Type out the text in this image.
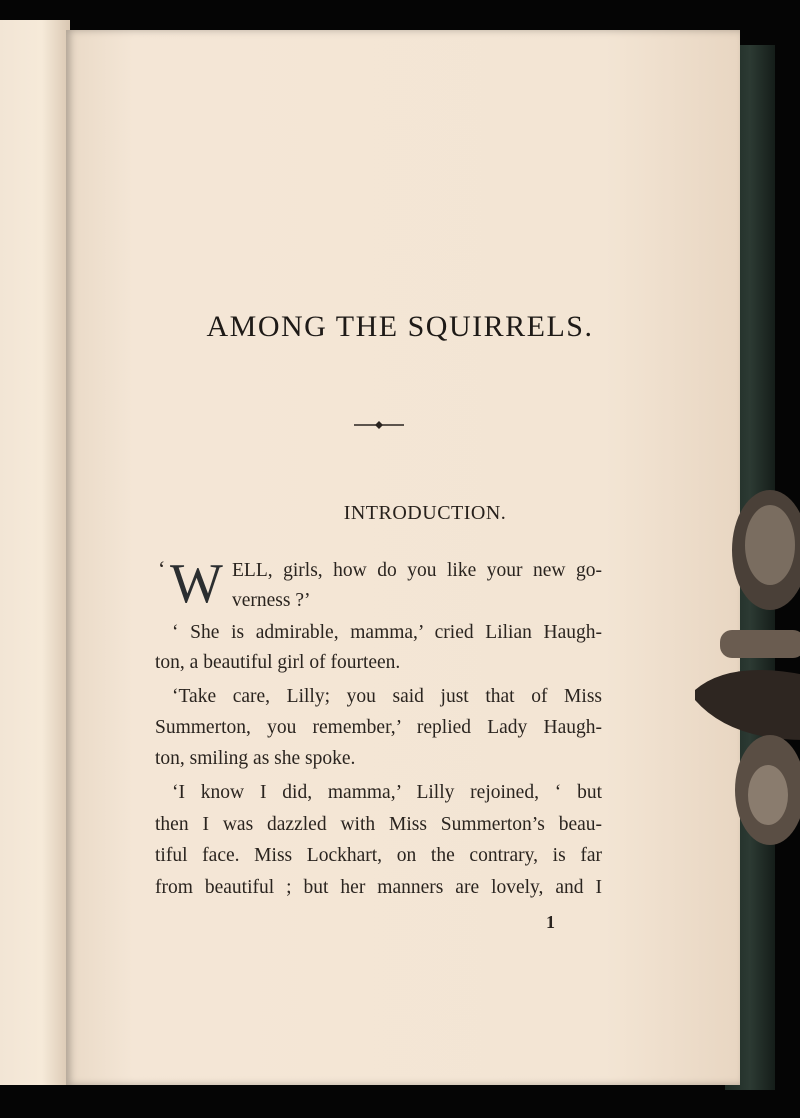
AMONG THE SQUIRRELS.
INTRODUCTION.
‘ W ELL, girls, how do you like your new go-
verness ?’
‘ She is admirable, mamma,’ cried Lilian Haugh-
ton, a beautiful girl of fourteen.
‘Take care, Lilly; you said just that of Miss
Summerton, you remember,’ replied Lady Haugh-
ton, smiling as she spoke.
‘I know I did, mamma,’ Lilly rejoined, ‘ but
then I was dazzled with Miss Summerton’s beau-
tiful face. Miss Lockhart, on the contrary, is far
from beautiful ; but her manners are lovely, and I
1
